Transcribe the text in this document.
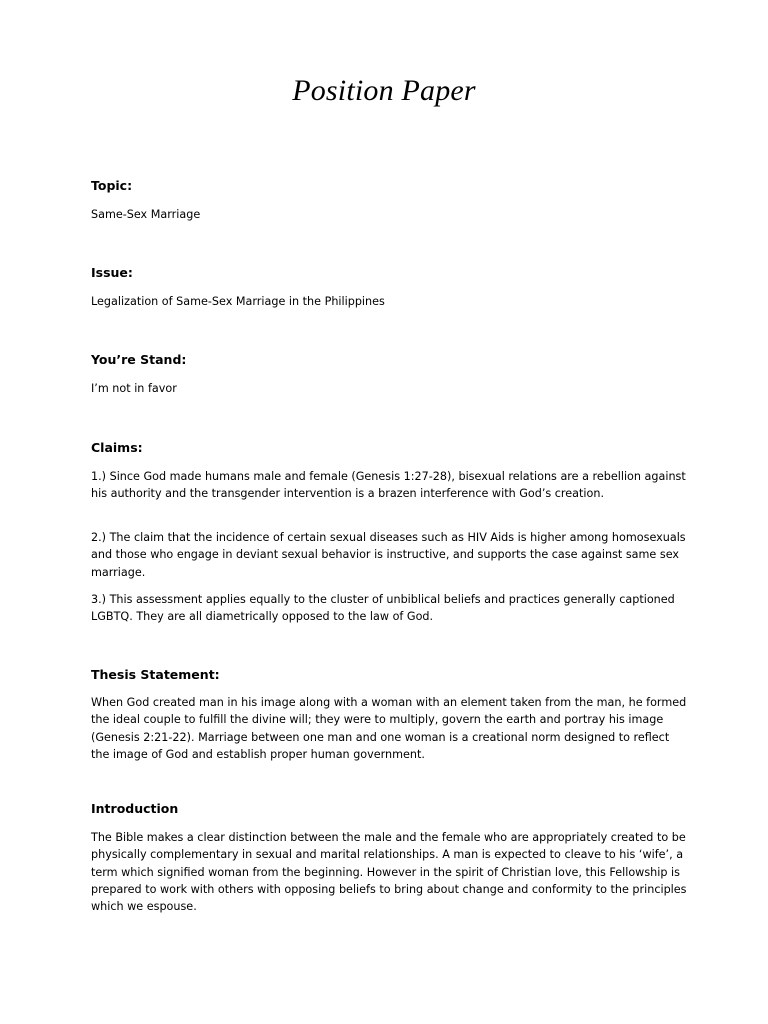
Position Paper

Topic:

Same-Sex Marriage

Issue:

Legalization of Same-Sex Marriage in the Philippines

You’re Stand:

I’m not in favor

Claims:

1.) Since God made humans male and female (Genesis 1:27-28), bisexual relations are a rebellion against his authority and the transgender intervention is a brazen interference with God’s creation.

2.) The claim that the incidence of certain sexual diseases such as HIV Aids is higher among homosexuals and those who engage in deviant sexual behavior is instructive, and supports the case against same sex marriage.

3.) This assessment applies equally to the cluster of unbiblical beliefs and practices generally captioned LGBTQ. They are all diametrically opposed to the law of God.

Thesis Statement:

When God created man in his image along with a woman with an element taken from the man, he formed the ideal couple to fulfill the divine will; they were to multiply, govern the earth and portray his image (Genesis 2:21-22). Marriage between one man and one woman is a creational norm designed to reflect the image of God and establish proper human government.

Introduction

The Bible makes a clear distinction between the male and the female who are appropriately created to be physically complementary in sexual and marital relationships. A man is expected to cleave to his ‘wife’, a term which signified woman from the beginning. However in the spirit of Christian love, this Fellowship is prepared to work with others with opposing beliefs to bring about change and conformity to the principles which we espouse.
